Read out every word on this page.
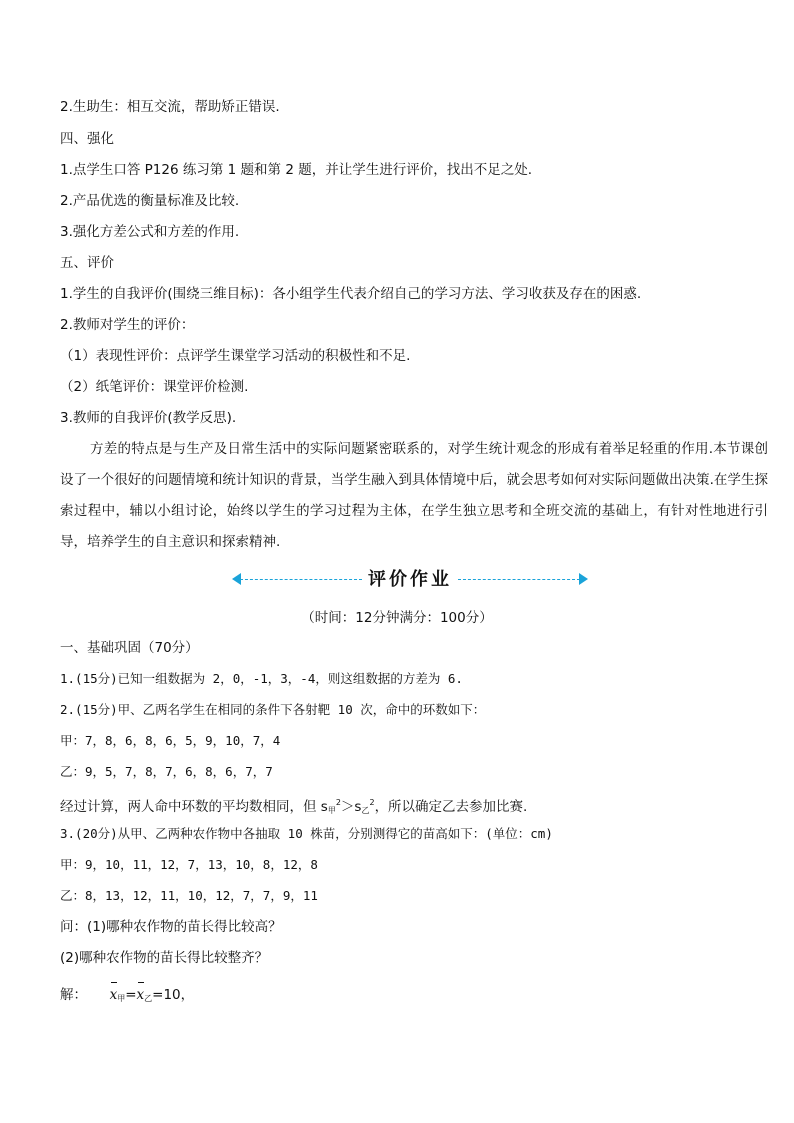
2.生助生：相互交流，帮助矫正错误.
四、强化
1.点学生口答 P126 练习第 1 题和第 2 题，并让学生进行评价，找出不足之处.
2.产品优选的衡量标准及比较.
3.强化方差公式和方差的作用.
五、评价
1.学生的自我评价(围绕三维目标)：各小组学生代表介绍自己的学习方法、学习收获及存在的困惑.
2.教师对学生的评价：
（1）表现性评价：点评学生课堂学习活动的积极性和不足.
（2）纸笔评价：课堂评价检测.
3.教师的自我评价(教学反思).
方差的特点是与生产及日常生活中的实际问题紧密联系的，对学生统计观念的形成有着举足轻重的作用.本节课创设了一个很好的问题情境和统计知识的背景，当学生融入到具体情境中后，就会思考如何对实际问题做出决策.在学生探索过程中，辅以小组讨论，始终以学生的学习过程为主体，在学生独立思考和全班交流的基础上，有针对性地进行引导，培养学生的自主意识和探索精神.
评价作业
（时间：12分钟满分：100分）
一、基础巩固（70分）
1.(15分)已知一组数据为 2，0，-1，3，-4，则这组数据的方差为 6.
2.(15分)甲、乙两名学生在相同的条件下各射靶 10 次，命中的环数如下：
甲：7，8，6，8，6，5，9，10，7，4
乙：9，5，7，8，7，6，8，6，7，7
经过计算，两人命中环数的平均数相同，但 $s_甲^2>s_乙^2$，所以确定乙去参加比赛.
3.(20分)从甲、乙两种农作物中各抽取 10 株苗，分别测得它的苗高如下：(单位：cm)
甲：9，10，11，12，7，13，10，8，12，8
乙：8，13，12，11，10，12，7，7，9，11
问：(1)哪种农作物的苗长得比较高？
(2)哪种农作物的苗长得比较整齐？
解： $x_甲=x_乙=10$，
